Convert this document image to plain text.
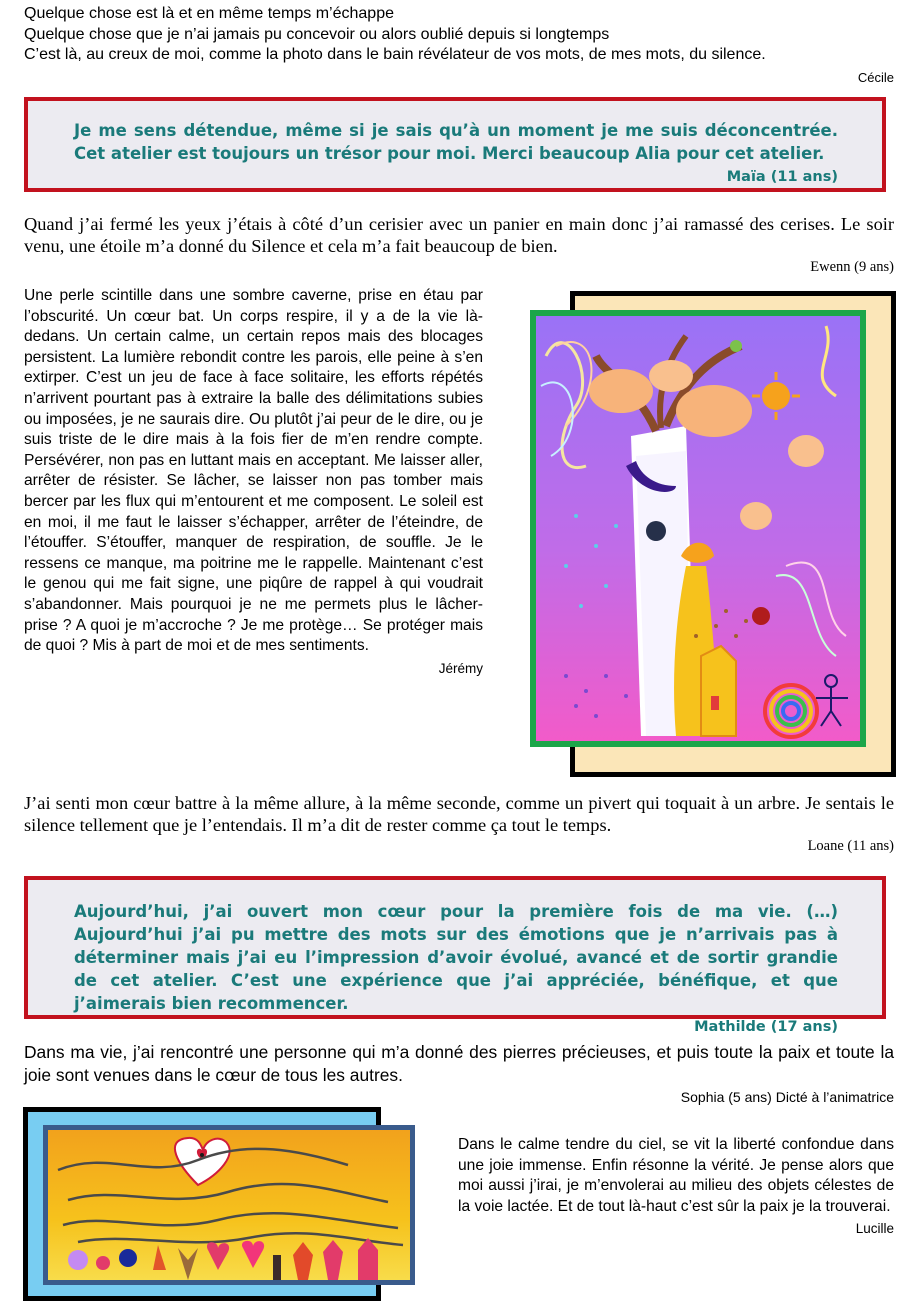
Quelque chose est là et en même temps m’échappe

Quelque chose que je n’ai jamais pu concevoir ou alors oublié depuis si longtemps

C’est là, au creux de moi, comme la photo dans le bain révélateur de vos mots, de mes mots, du silence.

Cécile

Je me sens détendue, même si je sais qu’à un moment je me suis déconcentrée. Cet atelier est toujours un trésor pour moi. Merci beaucoup Alia pour cet atelier.

Maïa (11 ans)

Quand j’ai fermé les yeux j’étais à côté d’un cerisier avec un panier en main donc j’ai ramassé des cerises. Le soir venu, une étoile m’a donné du Silence et cela m’a fait beaucoup de bien.

Ewenn (9 ans)

Une perle scintille dans une sombre caverne, prise en étau par l’obscurité. Un cœur bat. Un corps respire, il y a de la vie là-dedans. Un certain calme, un certain repos mais des blocages persistent. La lumière rebondit contre les parois, elle peine à s’en extirper. C’est un jeu de face à face solitaire, les efforts répétés n’arrivent pourtant pas à extraire la balle des délimitations subies ou imposées, je ne saurais dire. Ou plutôt j’ai peur de le dire, ou je suis triste de le dire mais à la fois fier de m’en rendre compte. Persévérer, non pas en luttant mais en acceptant. Me laisser aller, arrêter de résister. Se lâcher, se laisser non pas tomber mais bercer par les flux qui m’entourent et me composent. Le soleil est en moi, il me faut le laisser s’échapper, arrêter de l’éteindre, de l’étouffer. S’étouffer, manquer de respiration, de souffle. Je le ressens ce manque, ma poitrine me le rappelle. Maintenant c’est le genou qui me fait signe, une piqûre de rappel à qui voudrait s’abandonner. Mais pourquoi je ne me permets plus le lâcher-prise ? A quoi je m’accroche ? Je me protège… Se protéger mais de quoi ? Mis à part de moi et de mes sentiments.

Jérémy

J’ai senti mon cœur battre à la même allure, à la même seconde, comme un pivert qui toquait à un arbre. Je sentais le silence tellement que je l’entendais. Il m’a dit de rester comme ça tout le temps.

Loane (11 ans)

Aujourd’hui, j’ai ouvert mon cœur pour la première fois de ma vie. (…) Aujourd’hui j’ai pu mettre des mots sur des émotions que je n’arrivais pas à déterminer mais j’ai eu l’impression d’avoir évolué, avancé et de sortir grandie de cet atelier. C’est une expérience que j’ai appréciée, bénéfique, et que j’aimerais bien recommencer.

Mathilde (17 ans)

Dans ma vie, j’ai rencontré une personne qui m’a donné des pierres précieuses, et puis toute la paix et toute la joie sont venues dans le cœur de tous les autres.

Sophia (5 ans) Dicté à l’animatrice

Dans le calme tendre du ciel, se vit la liberté confondue dans une joie immense. Enfin résonne la vérité. Je pense alors que moi aussi j’irai, je m’envolerai au milieu des objets célestes de la voie lactée. Et de tout là-haut c’est sûr la paix je la trouverai.

Lucille
